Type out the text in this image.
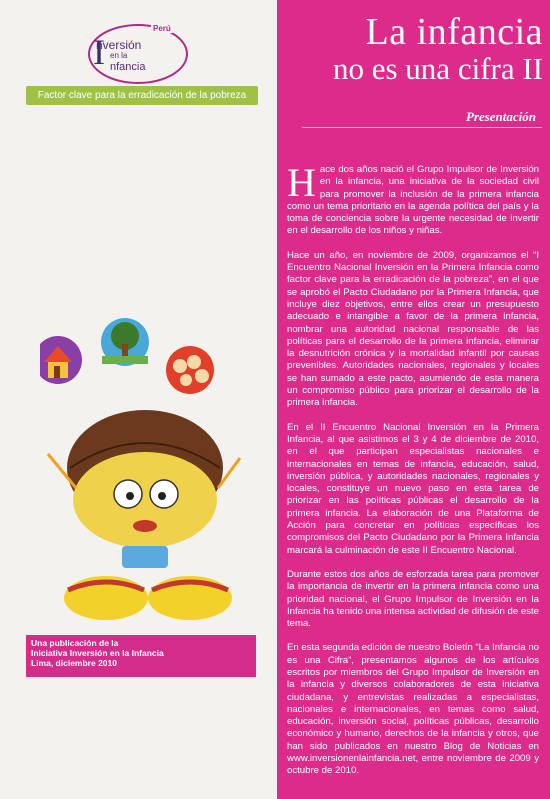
Perú
I
nversión
en la
nfancia
Factor clave para la erradicación de la pobreza
Una publicación de la
Iniciativa Inversión en la Infancia
Lima, diciembre 2010
La infancia
no es una cifra II
Presentación

Hace dos años nació el Grupo Impulsor de Inversión en la infancia, una iniciativa de la sociedad civil para promover la inclusión de la primera infancia como un tema prioritario en la agenda política del país y la toma de conciencia sobre la urgente necesidad de invertir en el desarrollo de los niños y niñas.

Hace un año, en noviembre de 2009, organizamos el “I Encuentro Nacional Inversión en la Primera Infancia como factor clave para la erradicación de la pobreza”, en el que se aprobó el Pacto Ciudadano por la Primera Infancia, que incluye diez objetivos, entre ellos crear un presupuesto adecuado e intangible a favor de la primera infancia, nombrar una autoridad nacional responsable de las políticas para el desarrollo de la primera infancia, eliminar la desnutrición crónica y la mortalidad infantil por causas prevenibles. Autoridades nacionales, regionales y locales se han sumado a este pacto, asumiendo de esta manera un compromiso público para priorizar el desarrollo de la primera infancia.

En el II Encuentro Nacional Inversión en la Primera Infancia, al que asistimos el 3 y 4 de diciembre de 2010, en el que participan especialistas nacionales e internacionales en temas de infancia, educación, salud, inversión pública, y autoridades nacionales, regionales y locales, constituye un nuevo paso en esta tarea de priorizar en las políticas públicas el desarrollo de la primera infancia. La elaboración de una Plataforma de Acción para concretar en políticas específicas los compromisos del Pacto Ciudadano por la Primera Infancia marcará la culminación de este II Encuentro Nacional.

Durante estos dos años de esforzada tarea para promover la importancia de invertir en la primera infancia como una prioridad nacional, el Grupo Impulsor de Inversión en la Infancia ha tenido una intensa actividad de difusión de este tema.

En esta segunda edición de nuestro Boletín “La Infancia no es una Cifra”, presentamos algunos de los artículos escritos por miembros del Grupo Impulsor de Inversión en la infancia y diversos colaboradores de esta iniciativa ciudadana, y entrevistas realizadas a especialistas, nacionales e internacionales, en temas como salud, educación, inversión social, políticas públicas, desarrollo económico y humano, derechos de la infancia y otros, que han sido publicados en nuestro Blog de Noticias en www.inversionenlainfancia.net, entre noviembre de 2009 y octubre de 2010.
